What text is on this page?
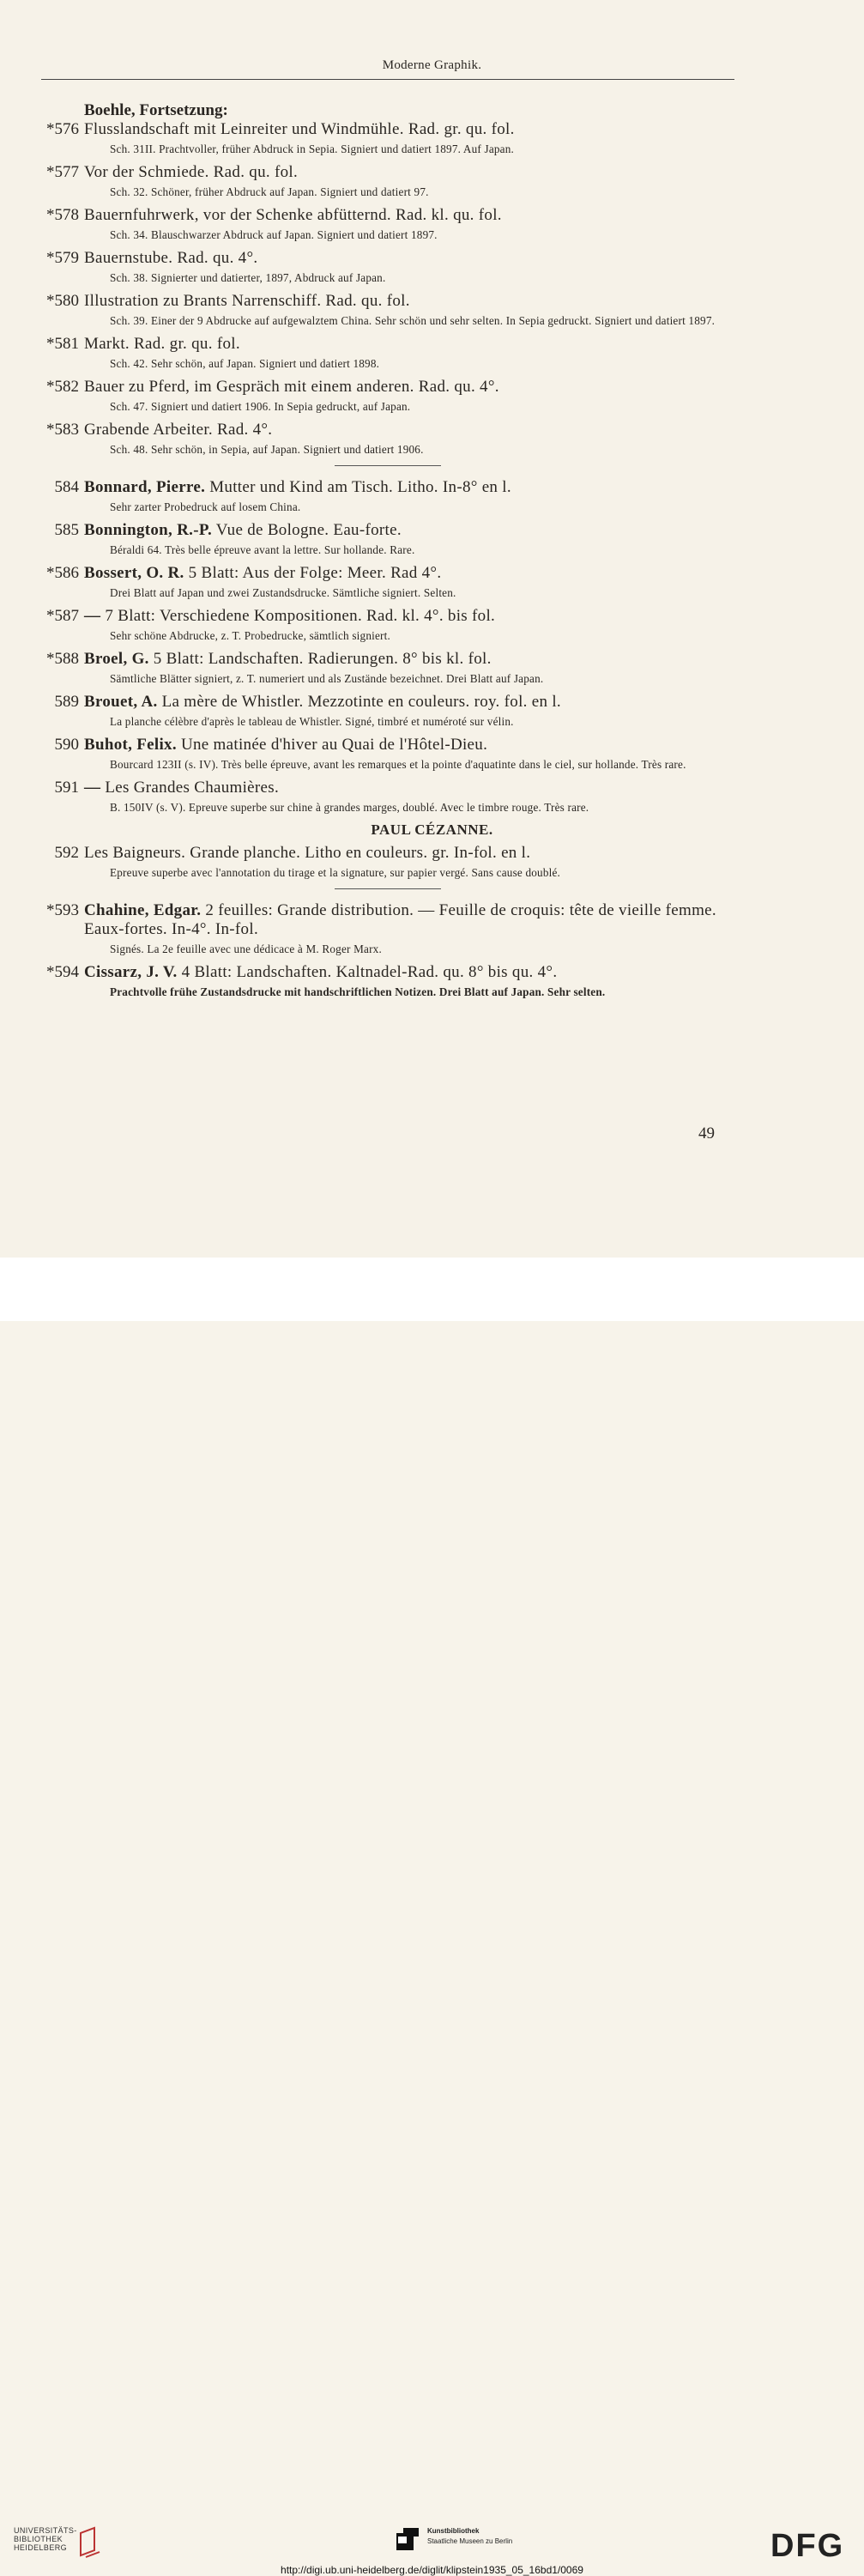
Moderne Graphik.
Boehle, Fortsetzung:
*576 Flusslandschaft mit Leinreiter und Windmühle. Rad. gr. qu. fol.
Sch. 31II. Prachtvoller, früher Abdruck in Sepia. Signiert und datiert 1897. Auf Japan.
*577 Vor der Schmiede. Rad. qu. fol.
Sch. 32. Schöner, früher Abdruck auf Japan. Signiert und datiert 97.
*578 Bauernfuhrwerk, vor der Schenke abfütternd. Rad. kl. qu. fol.
Sch. 34. Blauschwarzer Abdruck auf Japan. Signiert und datiert 1897.
*579 Bauernstube. Rad. qu. 4°.
Sch. 38. Signierter und datierter, 1897, Abdruck auf Japan.
*580 Illustration zu Brants Narrenschiff. Rad. qu. fol.
Sch. 39. Einer der 9 Abdrucke auf aufgewalztem China. Sehr schön und sehr selten. In Sepia gedruckt. Signiert und datiert 1897.
*581 Markt. Rad. gr. qu. fol.
Sch. 42. Sehr schön, auf Japan. Signiert und datiert 1898.
*582 Bauer zu Pferd, im Gespräch mit einem anderen. Rad. qu. 4°.
Sch. 47. Signiert und datiert 1906. In Sepia gedruckt, auf Japan.
*583 Grabende Arbeiter. Rad. 4°.
Sch. 48. Sehr schön, in Sepia, auf Japan. Signiert und datiert 1906.
584 Bonnard, Pierre. Mutter und Kind am Tisch. Litho. In-8° en l.
Sehr zarter Probedruck auf losem China.
585 Bonnington, R.-P. Vue de Bologne. Eau-forte.
Béraldi 64. Très belle épreuve avant la lettre. Sur hollande. Rare.
*586 Bossert, O. R. 5 Blatt: Aus der Folge: Meer. Rad 4°.
Drei Blatt auf Japan und zwei Zustandsdrucke. Sämtliche signiert. Selten.
*587 — 7 Blatt: Verschiedene Kompositionen. Rad. kl. 4°. bis fol.
Sehr schöne Abdrucke, z. T. Probedrucke, sämtlich signiert.
*588 Broel, G. 5 Blatt: Landschaften. Radierungen. 8° bis kl. fol.
Sämtliche Blätter signiert, z. T. numeriert und als Zustände bezeichnet. Drei Blatt auf Japan.
589 Brouet, A. La mère de Whistler. Mezzotinte en couleurs. roy. fol. en l.
La planche célèbre d'après le tableau de Whistler. Signé, timbré et numéroté sur vélin.
590 Buhot, Felix. Une matinée d'hiver au Quai de l'Hôtel-Dieu.
Bourcard 123II (s. IV). Très belle épreuve, avant les remarques et la pointe d'aquatinte dans le ciel, sur hollande. Très rare.
591 — Les Grandes Chaumières.
B. 150IV (s. V). Epreuve superbe sur chine à grandes marges, doublé. Avec le timbre rouge. Très rare.
PAUL CÉZANNE.
592 Les Baigneurs. Grande planche. Litho en couleurs. gr. In-fol. en l.
Epreuve superbe avec l'annotation du tirage et la signature, sur papier vergé. Sans cause doublé.
*593 Chahine, Edgar. 2 feuilles: Grande distribution. — Feuille de croquis: tête de vieille femme. Eaux-fortes. In-4°. In-fol.
Signés. La 2e feuille avec une dédicace à M. Roger Marx.
*594 Cissarz, J. V. 4 Blatt: Landschaften. Kaltnadel-Rad. qu. 8° bis qu. 4°.
Prachtvolle frühe Zustandsdrucke mit handschriftlichen Notizen. Drei Blatt auf Japan. Sehr selten.
49
UNIVERSITÄTS-
BIBLIOTHEK
HEIDELBERG
Kunstbibliothek
Staatliche Museen zu Berlin	DFG
http://digi.ub.uni-heidelberg.de/diglit/klipstein1935_05_16bd1/0069
